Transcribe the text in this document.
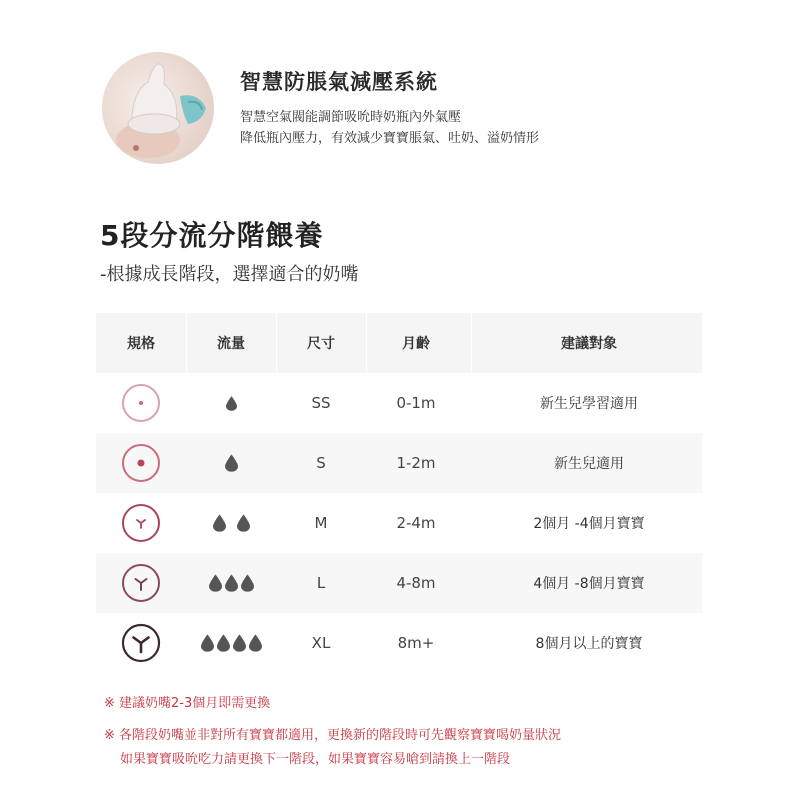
智慧防脹氣減壓系統
智慧空氣閥能調節吸吮時奶瓶內外氣壓
降低瓶內壓力，有效減少寶寶脹氣、吐奶、溢奶情形
5段分流分階餵養
-根據成長階段，選擇適合的奶嘴
規格	流量	尺寸	月齡	建議對象
SS	0-1m	新生兒學習適用
S	1-2m	新生兒適用
M	2-4m	2個月 -4個月寶寶
L	4-8m	4個月 -8個月寶寶
XL	8m+	8個月以上的寶寶
※ 建議奶嘴2-3個月即需更換
※ 各階段奶嘴並非對所有寶寶都適用，更換新的階段時可先觀察寶寶喝奶量狀況
如果寶寶吸吮吃力請更換下一階段，如果寶寶容易嗆到請換上一階段
